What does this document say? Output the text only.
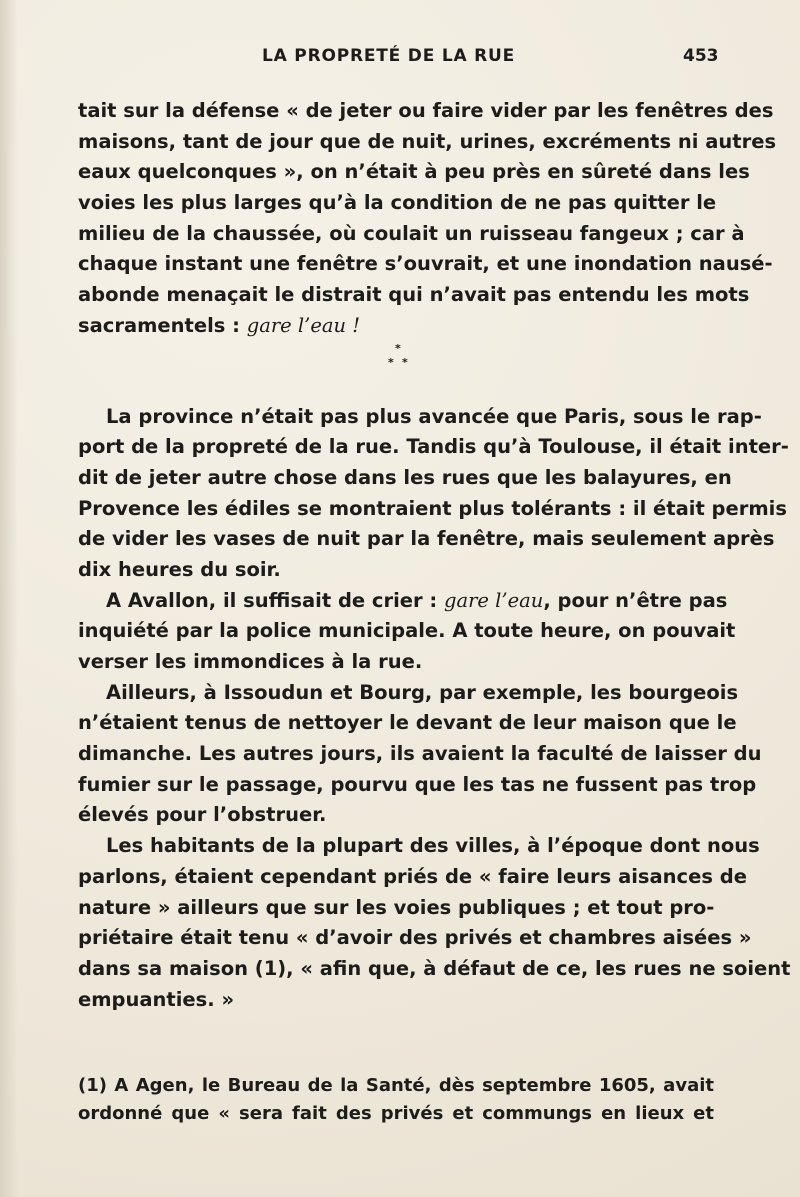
LA PROPRETÉ DE LA RUE	453
tait sur la défense « de jeter ou faire vider par les fenêtres des
maisons, tant de jour que de nuit, urines, excréments ni autres
eaux quelconques », on n’était à peu près en sûreté dans les
voies les plus larges qu’à la condition de ne pas quitter le
milieu de la chaussée, où coulait un ruisseau fangeux ; car à
chaque instant une fenêtre s’ouvrait, et une inondation nausé-
abonde menaçait le distrait qui n’avait pas entendu les mots
sacramentels : gare l’eau !
La province n’était pas plus avancée que Paris, sous le rap-
port de la propreté de la rue. Tandis qu’à Toulouse, il était inter-
dit de jeter autre chose dans les rues que les balayures, en
Provence les édiles se montraient plus tolérants : il était permis
de vider les vases de nuit par la fenêtre, mais seulement après
dix heures du soir.
A Avallon, il suffisait de crier : gare l’eau, pour n’être pas
inquiété par la police municipale. A toute heure, on pouvait
verser les immondices à la rue.
Ailleurs, à Issoudun et Bourg, par exemple, les bourgeois
n’étaient tenus de nettoyer le devant de leur maison que le
dimanche. Les autres jours, ils avaient la faculté de laisser du
fumier sur le passage, pourvu que les tas ne fussent pas trop
élevés pour l’obstruer.
Les habitants de la plupart des villes, à l’époque dont nous
parlons, étaient cependant priés de « faire leurs aisances de
nature » ailleurs que sur les voies publiques ; et tout pro-
priétaire était tenu « d’avoir des privés et chambres aisées »
dans sa maison (1), « afin que, à défaut de ce, les rues ne soient
empuanties. »
*
* *
(1) A Agen, le Bureau de la Santé, dès septembre 1605, avait
ordonné que « sera fait des privés et commungs en lieux et
